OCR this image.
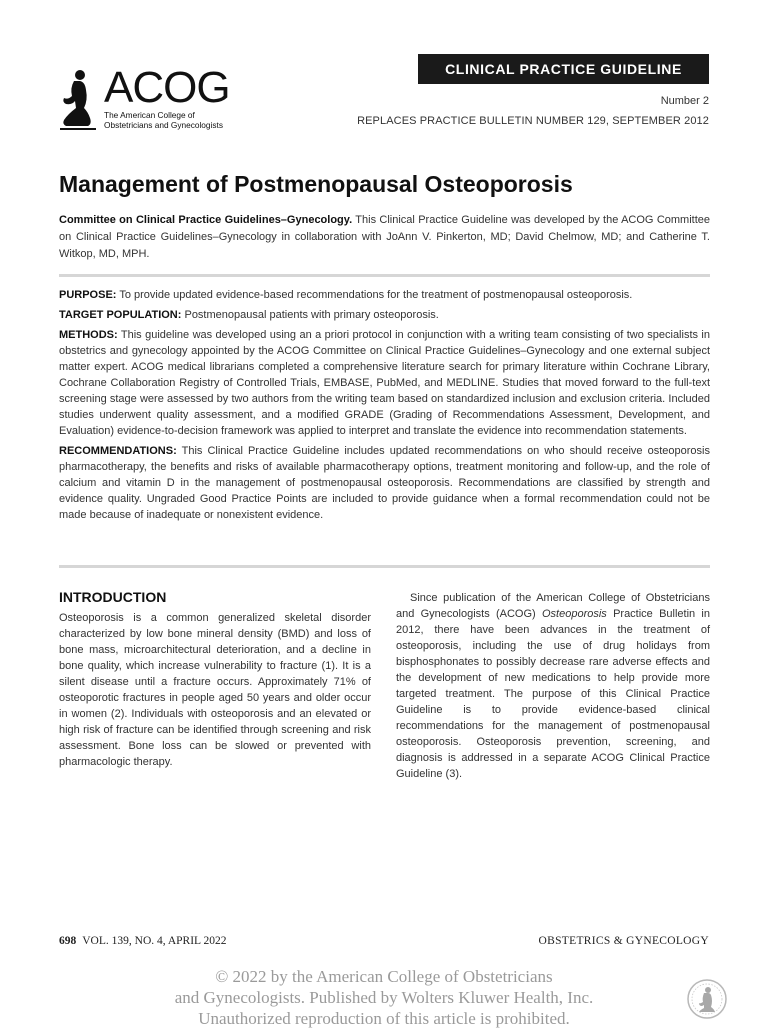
CLINICAL PRACTICE GUIDELINE
ACOG
The American College of
Obstetricians and Gynecologists
Number 2
REPLACES PRACTICE BULLETIN NUMBER 129, SEPTEMBER 2012
Management of Postmenopausal Osteoporosis
Committee on Clinical Practice Guidelines–Gynecology. This Clinical Practice Guideline was developed by the ACOG Committee on Clinical Practice Guidelines–Gynecology in collaboration with JoAnn V. Pinkerton, MD; David Chelmow, MD; and Catherine T. Witkop, MD, MPH.

PURPOSE: To provide updated evidence-based recommendations for the treatment of postmenopausal osteoporosis.

TARGET POPULATION: Postmenopausal patients with primary osteoporosis.

METHODS: This guideline was developed using an a priori protocol in conjunction with a writing team consisting of two specialists in obstetrics and gynecology appointed by the ACOG Committee on Clinical Practice Guidelines–Gynecology and one external subject matter expert. ACOG medical librarians completed a comprehensive literature search for primary literature within Cochrane Library, Cochrane Collaboration Registry of Controlled Trials, EMBASE, PubMed, and MEDLINE. Studies that moved forward to the full-text screening stage were assessed by two authors from the writing team based on standardized inclusion and exclusion criteria. Included studies underwent quality assessment, and a modified GRADE (Grading of Recommendations Assessment, Development, and Evaluation) evidence-to-decision framework was applied to interpret and translate the evidence into recommendation statements.

RECOMMENDATIONS: This Clinical Practice Guideline includes updated recommendations on who should receive osteoporosis pharmacotherapy, the benefits and risks of available pharmacotherapy options, treatment monitoring and follow-up, and the role of calcium and vitamin D in the management of postmenopausal osteoporosis. Recommendations are classified by strength and evidence quality. Ungraded Good Practice Points are included to provide guidance when a formal recommendation could not be made because of inadequate or nonexistent evidence.

INTRODUCTION

Osteoporosis is a common generalized skeletal disorder characterized by low bone mineral density (BMD) and loss of bone mass, microarchitectural deterioration, and a decline in bone quality, which increase vulnerability to fracture (1). It is a silent disease until a fracture occurs. Approximately 71% of osteoporotic fractures in people aged 50 years and older occur in women (2). Individuals with osteoporosis and an elevated or high risk of fracture can be identified through screening and risk assessment. Bone loss can be slowed or prevented with pharmacologic therapy.

Since publication of the American College of Obstetricians and Gynecologists (ACOG) Osteoporosis Practice Bulletin in 2012, there have been advances in the treatment of osteoporosis, including the use of drug holidays from bisphosphonates to possibly decrease rare adverse effects and the development of new medications to help provide more targeted treatment. The purpose of this Clinical Practice Guideline is to provide evidence-based clinical recommendations for the management of postmenopausal osteoporosis. Osteoporosis prevention, screening, and diagnosis is addressed in a separate ACOG Clinical Practice Guideline (3).

698 VOL. 139, NO. 4, APRIL 2022	OBSTETRICS & GYNECOLOGY
© 2022 by the American College of Obstetricians
and Gynecologists. Published by Wolters Kluwer Health, Inc.
Unauthorized reproduction of this article is prohibited.
